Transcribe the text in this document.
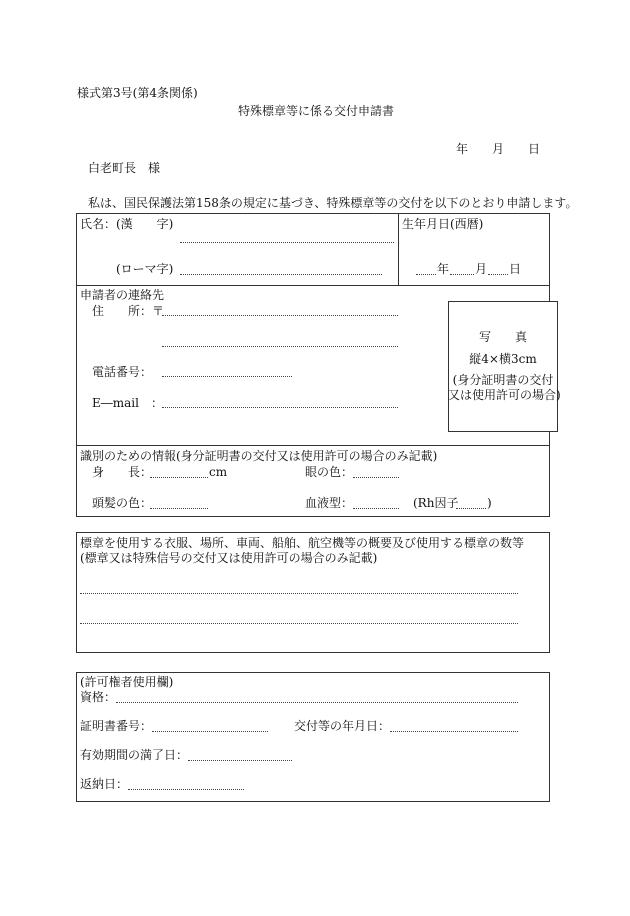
様式第3号(第4条関係)
特殊標章等に係る交付申請書
年 月 日
白老町長　様
私は、国民保護法第158条の規定に基づき、特殊標章等の交付を以下のとおり申請します。
氏名：(漢　　字)
(ローマ字)
生年月日(西暦)
年 月 日
申請者の連絡先
住　　所：〒
電話番号：
E―mail　：
写　　真
縦4×横3cm
(身分証明書の交付
又は使用許可の場合)
識別のための情報(身分証明書の交付又は使用許可の場合のみ記載)
身　　長：	cm	眼の色：
頭髪の色：	血液型：	(Rh因子 )
標章を使用する衣服、場所、車両、船舶、航空機等の概要及び使用する標章の数等
(標章又は特殊信号の交付又は使用許可の場合のみ記載)
(許可権者使用欄)
資格：
証明書番号：	交付等の年月日：
有効期間の満了日：
返納日：
